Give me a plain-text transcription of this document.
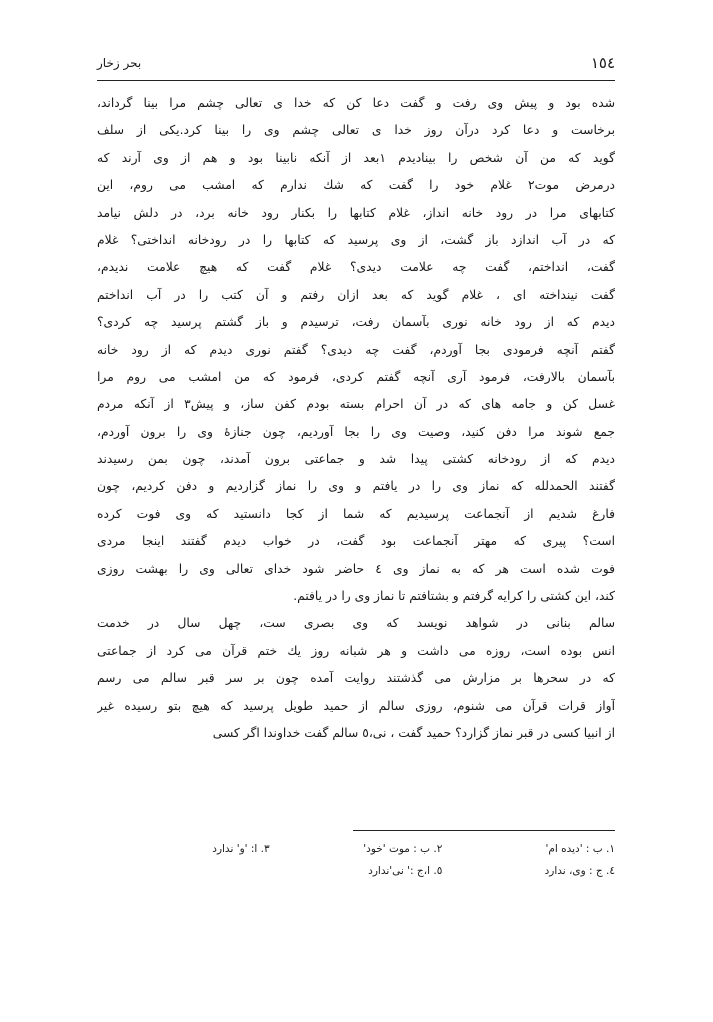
١٥٤
بحر زخار
شده بود و پیش وی رفت و گفت دعا کن که خدا ی تعالی چشم مرا بینا گرداند،
برخاست و دعا کرد درآن روز خدا ی تعالی چشم وی را بینا کرد.یکی از سلف
گوید که من آن شخص را بینادیدم ١بعد از آنکه نابینا بود و هم از وی آرند که
درمرض موت٢ غلام خود را گفت که شك ندارم که امشب می روم، این
کتابهای مرا در رود خانه انداز، غلام کتابها را بکنار رود خانه برد، در دلش نیامد
که در آب اندازد باز گشت، از وی پرسید که کتابها را در رودخانه انداختی؟ غلام
گفت، انداختم، گفت چه علامت دیدی؟ غلام گفت که هیچ علامت ندیدم،
گفت نینداخته ای ، غلام گوید که بعد ازان رفتم و آن کتب را در آب انداختم
دیدم که از رود خانه نوری بآسمان رفت، ترسیدم و باز گشتم پرسید چه کردی؟
گفتم آنچه فرمودی بجا آوردم، گفت چه دیدی؟ گفتم نوری دیدم که از رود خانه
بآسمان بالارفت، فرمود آری آنچه گفتم کردی، فرمود که من امشب می روم مرا
غسل کن و جامه های که در آن احرام بسته بودم کفن ساز، و پیش٣ از آنکه مردم
جمع شوند مرا دفن کنید، وصیت وی را بجا آوردیم، چون جنازهٔ وی را برون آوردم،
دیدم که از رودخانه کشتی پیدا شد و جماعتی برون آمدند، چون بمن رسیدند
گفتند الحمدلله که نماز وی را در یافتم و وی را نماز گزاردیم و دفن کردیم، چون
فارغ شدیم از آنجماعت پرسیدیم که شما از کجا دانستید که وی فوت کرده
است؟ پیری که مهتر آنجماعت بود گفت، در خواب دیدم گفتند اینجا مردی
فوت شده است هر که به نماز وی ٤ حاضر شود خدای تعالی وی را بهشت روزی
کند، این کشتی را کرایه گرفتم و بشتافتم تا نماز وی را در یافتم.
سالم بنانی در شواهد نویسد که وی بصری ست، چهل سال در خدمت
انس بوده است، روزه می داشت و هر شبانه روز یك ختم قرآن می کرد از جماعتی
که در سحرها بر مزارش می گذشتند روایت آمده چون بر سر قبر سالم می رسم
آواز قرات قرآن می شنوم، روزی سالم از حمید طویل پرسید که هیچ بتو رسیده غیر
از انبیا کسی در قبر نماز گزارد؟ حمید گفت ، نی،٥ سالم گفت خداوندا اگر کسی
١. ب : 'دیده ام'
٢. ب : موت 'خود'
٣. ا: 'و' ندارد
٤. ج : وی، ندارد
٥. ا،ج :' نی'ندارد
